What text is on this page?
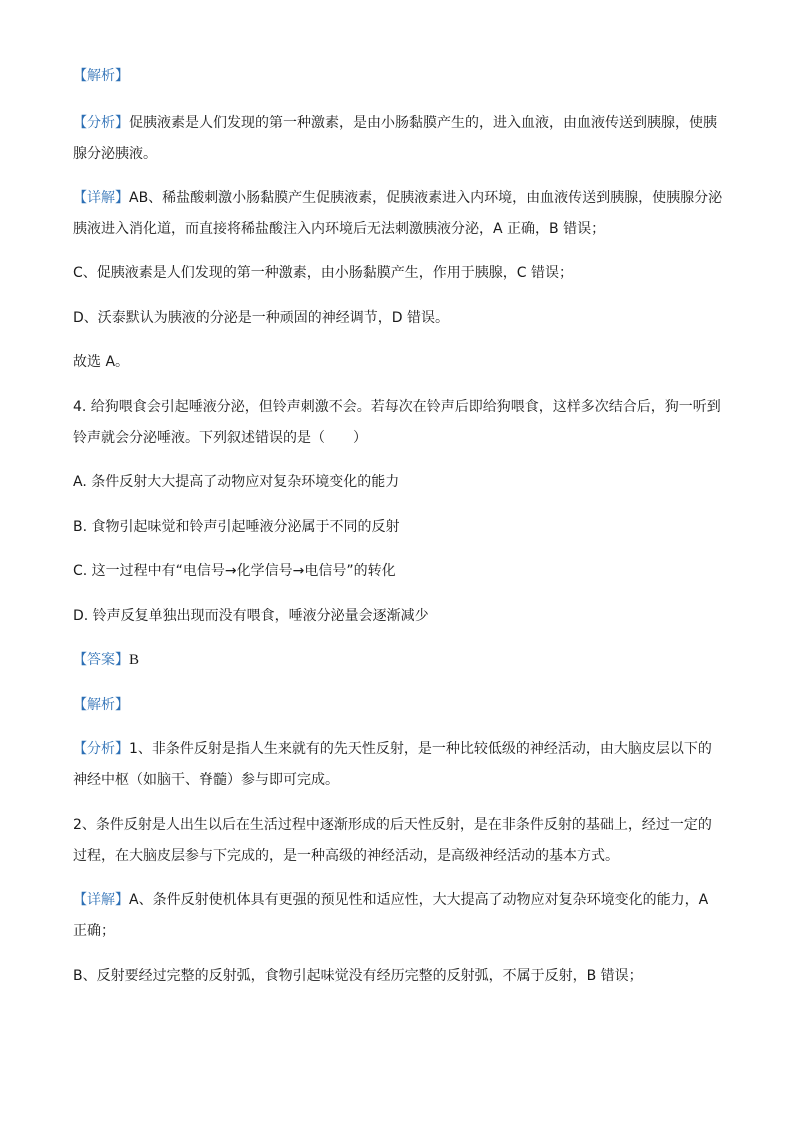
【解析】
【分析】促胰液素是人们发现的第一种激素，是由小肠黏膜产生的，进入血液，由血液传送到胰腺，使胰
腺分泌胰液。
【详解】AB、稀盐酸刺激小肠黏膜产生促胰液素，促胰液素进入内环境，由血液传送到胰腺，使胰腺分泌
胰液进入消化道，而直接将稀盐酸注入内环境后无法刺激胰液分泌，A 正确，B 错误；
C、促胰液素是人们发现的第一种激素，由小肠黏膜产生，作用于胰腺，C 错误；
D、沃泰默认为胰液的分泌是一种顽固的神经调节，D 错误。
故选 A。
4. 给狗喂食会引起唾液分泌，但铃声刺激不会。若每次在铃声后即给狗喂食，这样多次结合后，狗一听到
铃声就会分泌唾液。下列叙述错误的是（　　）
A. 条件反射大大提高了动物应对复杂环境变化的能力
B. 食物引起味觉和铃声引起唾液分泌属于不同的反射
C. 这一过程中有“电信号→化学信号→电信号”的转化
D. 铃声反复单独出现而没有喂食，唾液分泌量会逐渐减少
【答案】B
【解析】
【分析】1、非条件反射是指人生来就有的先天性反射，是一种比较低级的神经活动，由大脑皮层以下的
神经中枢（如脑干、脊髓）参与即可完成。
2、条件反射是人出生以后在生活过程中逐渐形成的后天性反射，是在非条件反射的基础上，经过一定的
过程，在大脑皮层参与下完成的，是一种高级的神经活动，是高级神经活动的基本方式。
【详解】A、条件反射使机体具有更强的预见性和适应性，大大提高了动物应对复杂环境变化的能力，A
正确；
B、反射要经过完整的反射弧，食物引起味觉没有经历完整的反射弧，不属于反射，B 错误；
